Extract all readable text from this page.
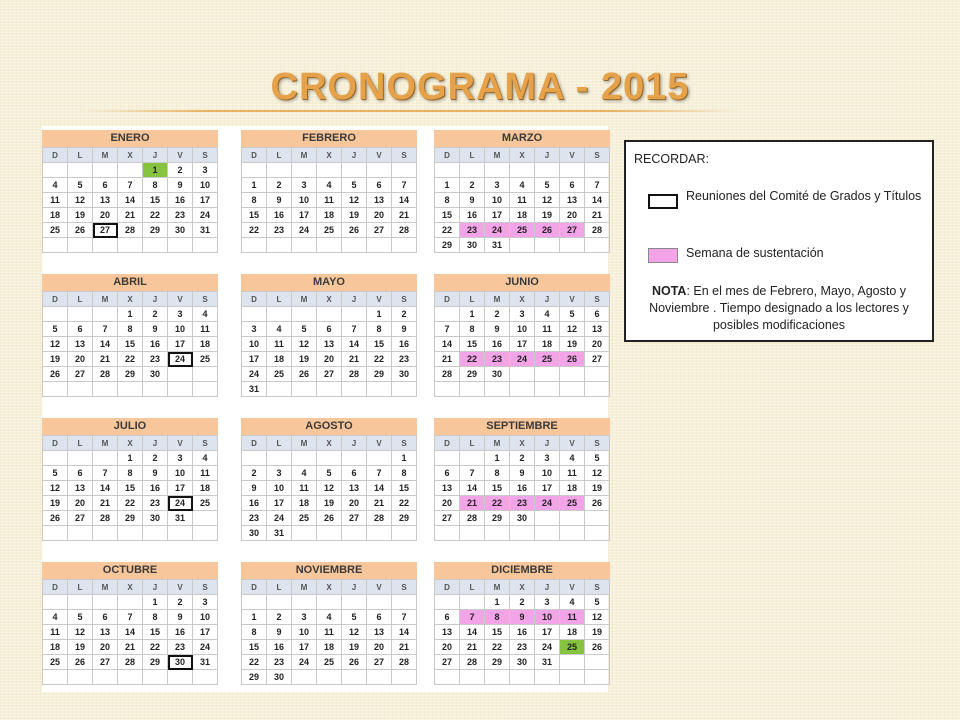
CRONOGRAMA - 2015
ENERO
D	L	M	X	J	V	S
				1	2	3
4	5	6	7	8	9	10
11	12	13	14	15	16	17
18	19	20	21	22	23	24
25	26	27	28	29	30	31

FEBRERO
D	L	M	X	J	V	S

1	2	3	4	5	6	7
8	9	10	11	12	13	14
15	16	17	18	19	20	21
22	23	24	25	26	27	28

MARZO
D	L	M	X	J	V	S

1	2	3	4	5	6	7
8	9	10	11	12	13	14
15	16	17	18	19	20	21
22	23	24	25	26	27	28
29	30	31				
ABRIL
D	L	M	X	J	V	S
			1	2	3	4
5	6	7	8	9	10	11
12	13	14	15	16	17	18
19	20	21	22	23	24	25
26	27	28	29	30		

MAYO
D	L	M	X	J	V	S
					1	2
3	4	5	6	7	8	9
10	11	12	13	14	15	16
17	18	19	20	21	22	23
24	25	26	27	28	29	30
31						
JUNIO
D	L	M	X	J	V	S
	1	2	3	4	5	6
7	8	9	10	11	12	13
14	15	16	17	18	19	20
21	22	23	24	25	26	27
28	29	30				

JULIO
D	L	M	X	J	V	S
			1	2	3	4
5	6	7	8	9	10	11
12	13	14	15	16	17	18
19	20	21	22	23	24	25
26	27	28	29	30	31	

AGOSTO
D	L	M	X	J	V	S
						1
2	3	4	5	6	7	8
9	10	11	12	13	14	15
16	17	18	19	20	21	22
23	24	25	26	27	28	29
30	31					
SEPTIEMBRE
D	L	M	X	J	V	S
		1	2	3	4	5
6	7	8	9	10	11	12
13	14	15	16	17	18	19
20	21	22	23	24	25	26
27	28	29	30			

OCTUBRE
D	L	M	X	J	V	S
				1	2	3
4	5	6	7	8	9	10
11	12	13	14	15	16	17
18	19	20	21	22	23	24
25	26	27	28	29	30	31

NOVIEMBRE
D	L	M	X	J	V	S

1	2	3	4	5	6	7
8	9	10	11	12	13	14
15	16	17	18	19	20	21
22	23	24	25	26	27	28
29	30					
DICIEMBRE
D	L	M	X	J	V	S
		1	2	3	4	5
6	7	8	9	10	11	12
13	14	15	16	17	18	19
20	21	22	23	24	25	26
27	28	29	30	31		

RECORDAR:
Reuniones del Comité de Grados y Títulos
Semana de sustentación
NOTA: En el mes de Febrero, Mayo, Agosto y Noviembre . Tiempo designado a los lectores y posibles modificaciones
